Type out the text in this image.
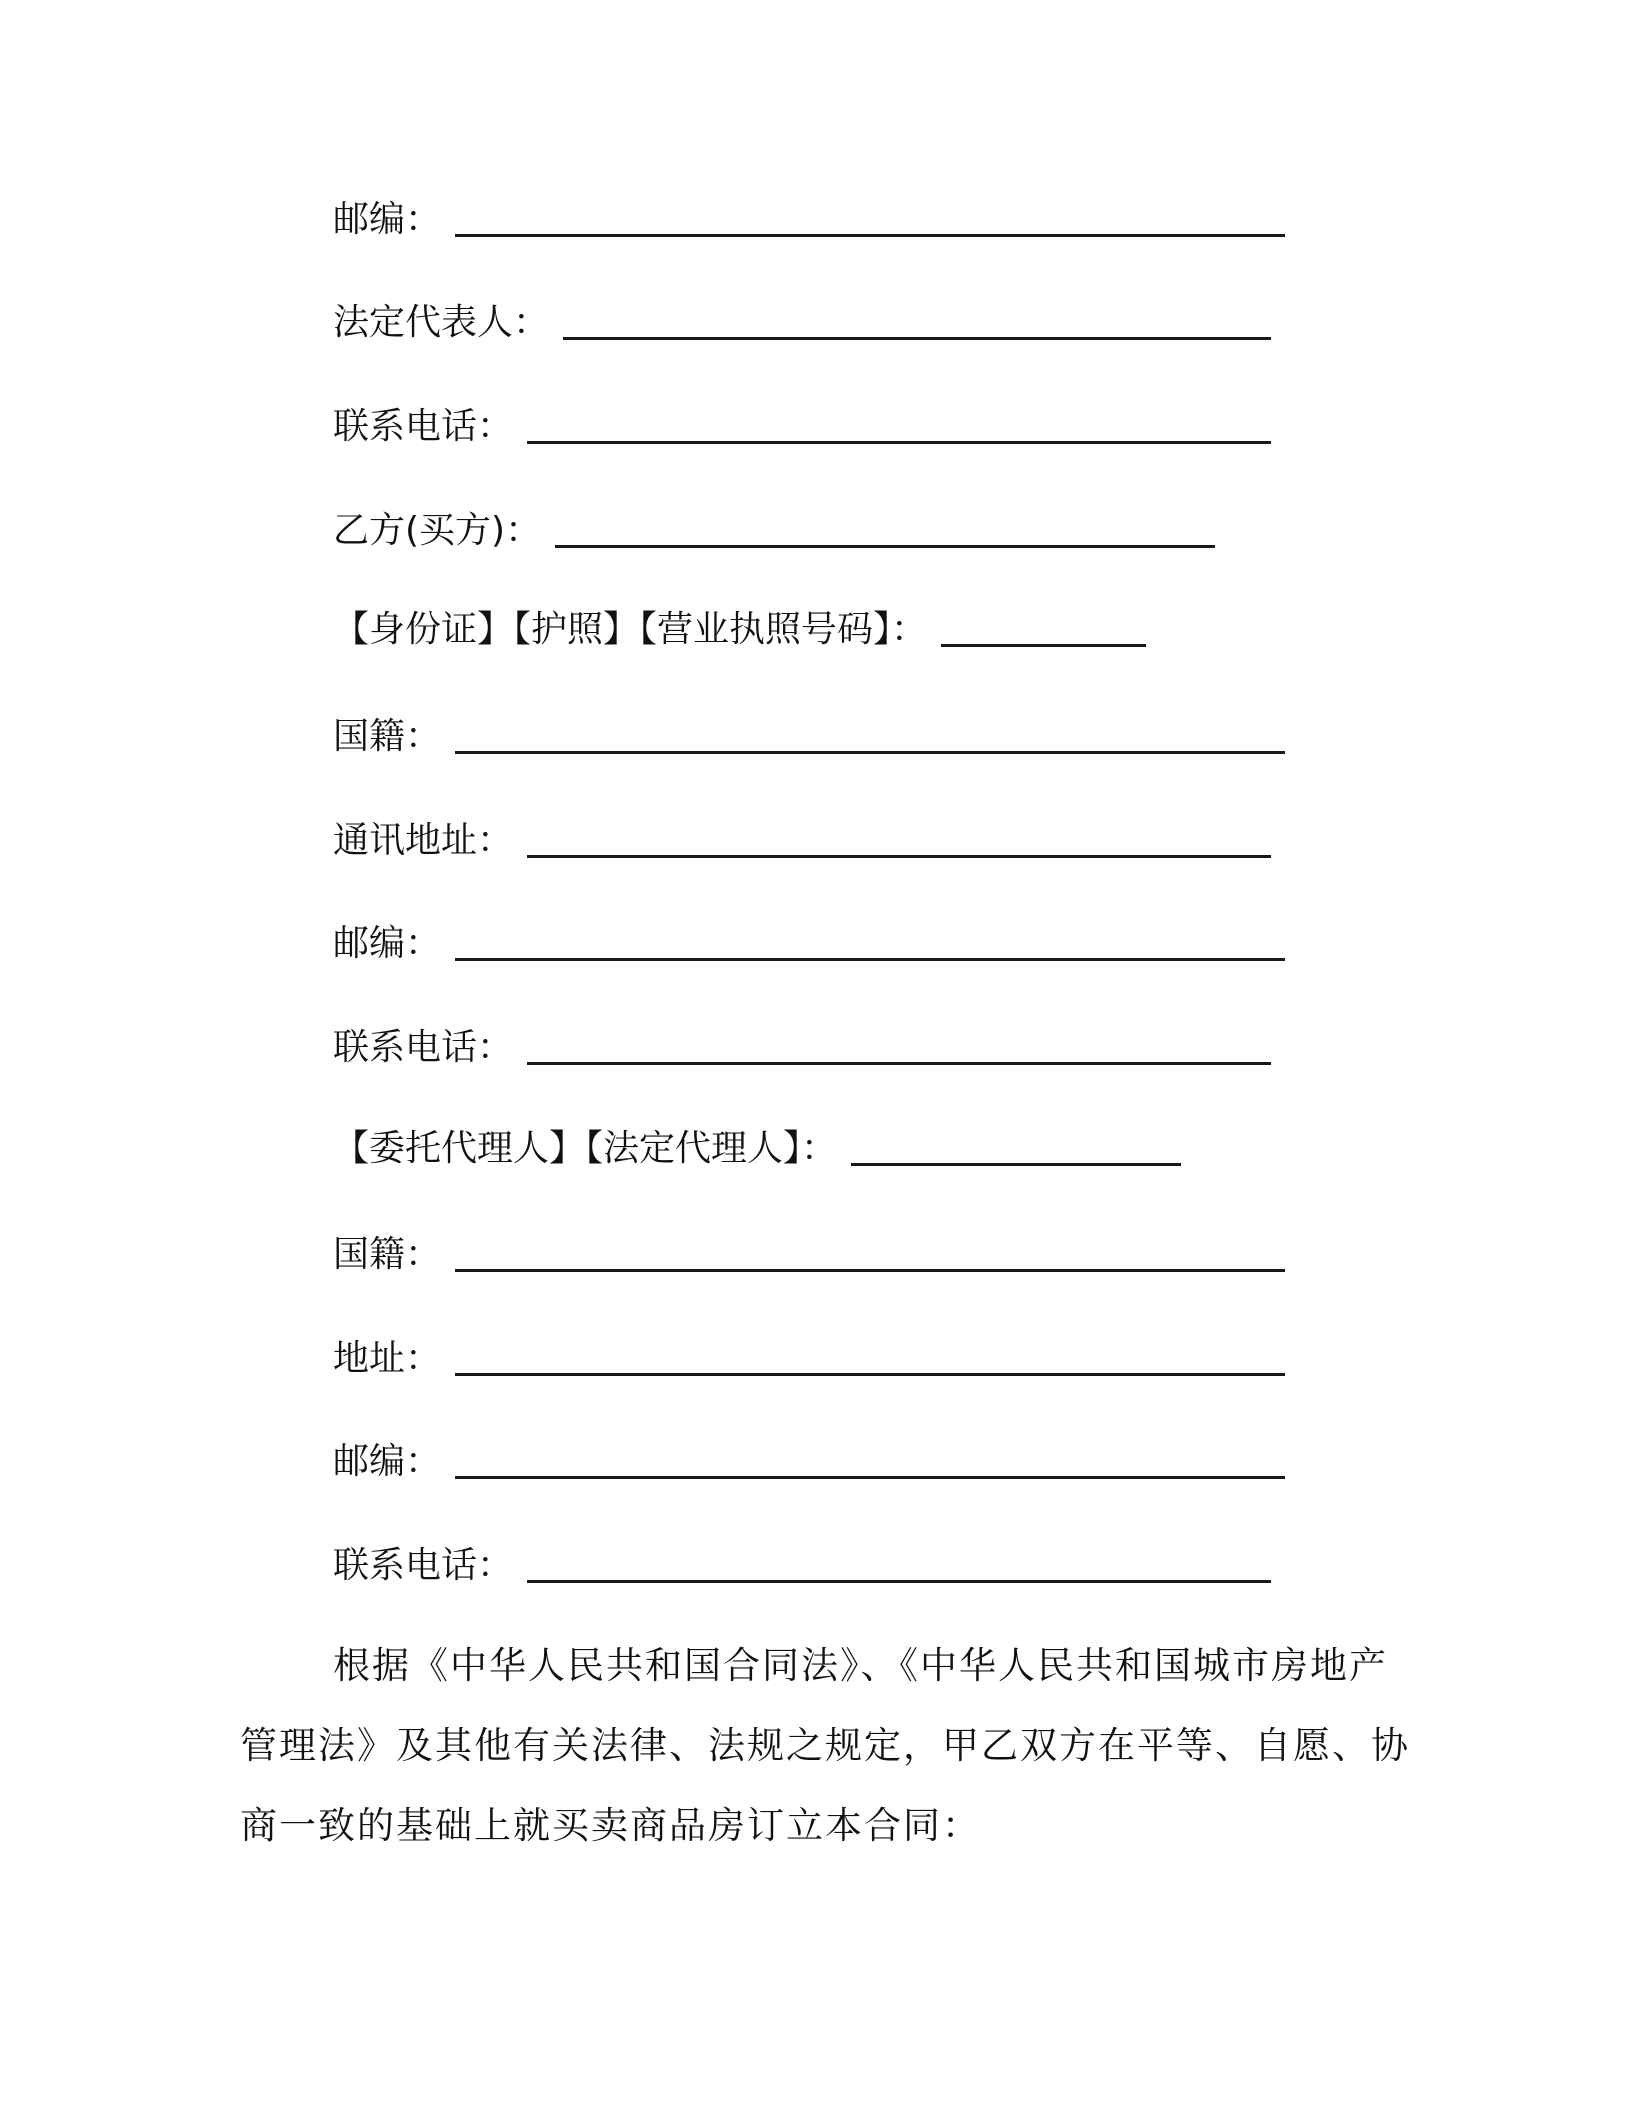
邮编：
法定代表人：
联系电话：
乙方(买方)：
【身份证】【护照】【营业执照号码】：
国籍：
通讯地址：
邮编：
联系电话：
【委托代理人】【法定代理人】：
国籍：
地址：
邮编：
联系电话：
根据《中华人民共和国合同法》、《中华人民共和国城市房地产
管理法》及其他有关法律、法规之规定，甲乙双方在平等、自愿、协
商一致的基础上就买卖商品房订立本合同：
